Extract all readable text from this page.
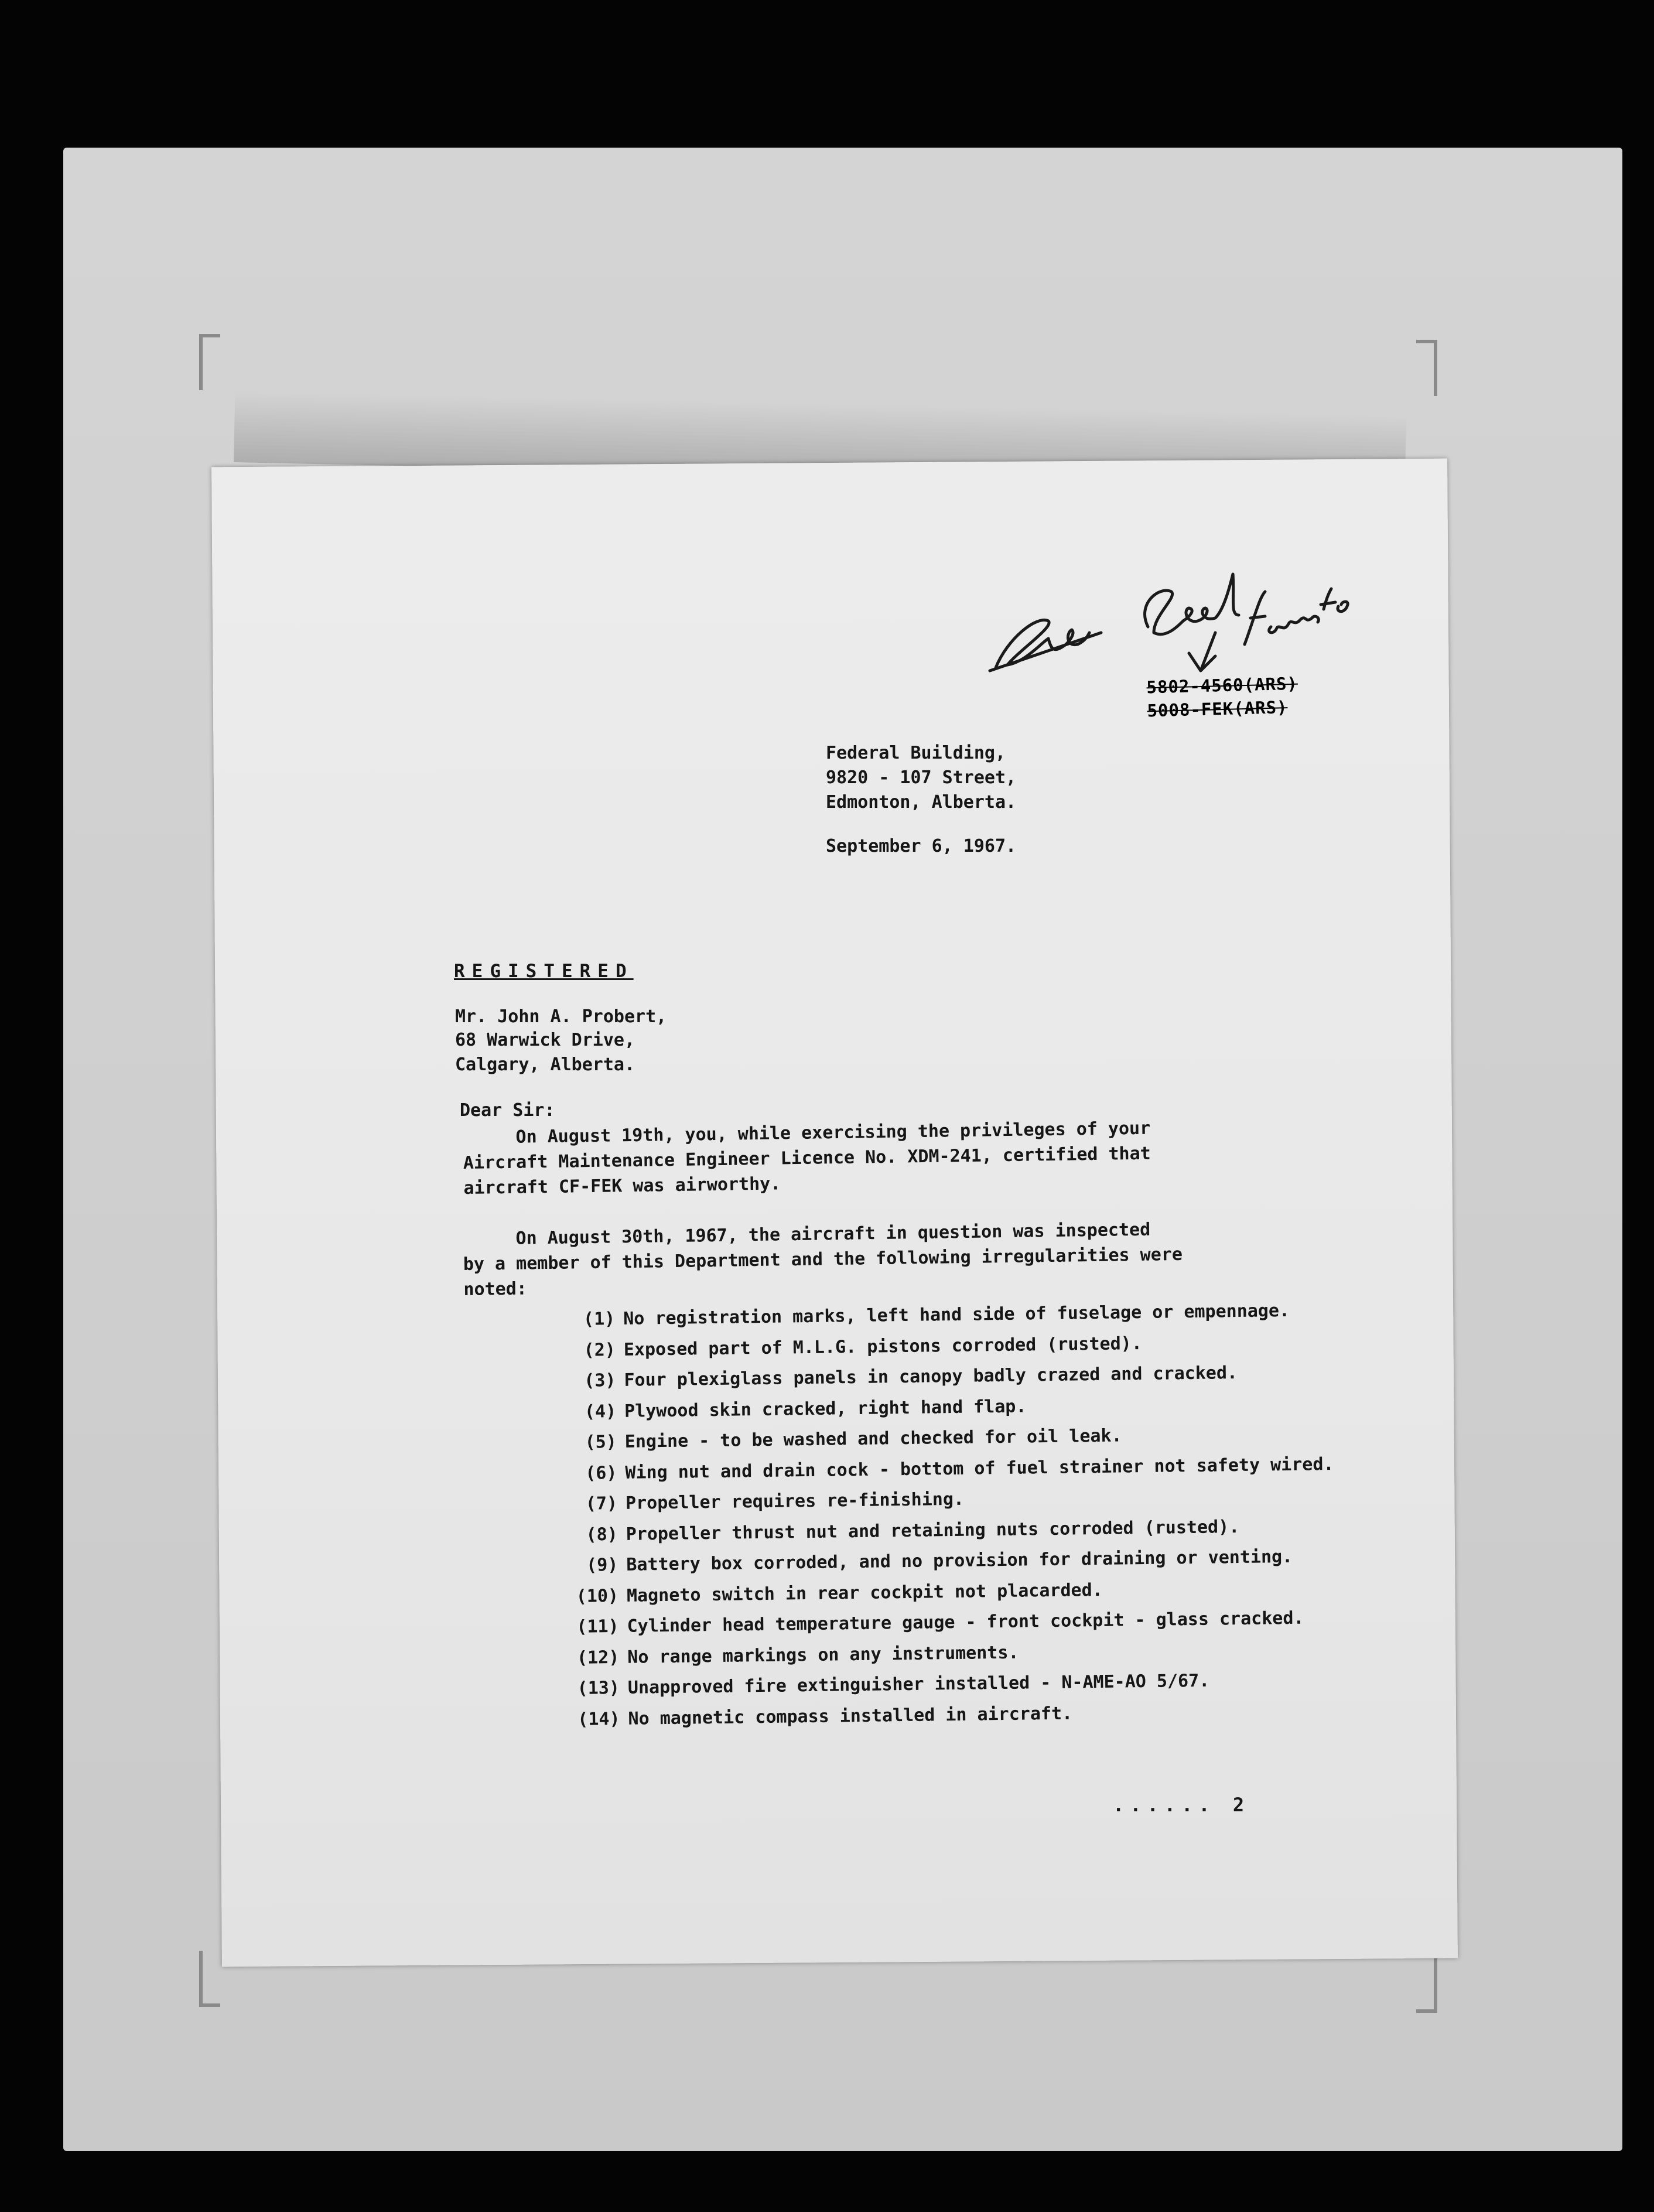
5802-4560(ARS)
5008-FEK(ARS)
Federal Building,
9820 - 107 Street,
Edmonton, Alberta.
September 6, 1967.
REGISTERED
Mr. John A. Probert,
68 Warwick Drive,
Calgary, Alberta.
Dear Sir:
On August 19th, you, while exercising the privileges of your
Aircraft Maintenance Engineer Licence No. XDM-241, certified that
aircraft CF-FEK was airworthy.
On August 30th, 1967, the aircraft in question was inspected
by a member of this Department and the following irregularities were
noted:
(1) No registration marks, left hand side of fuselage or empennage.
(2) Exposed part of M.L.G. pistons corroded (rusted).
(3) Four plexiglass panels in canopy badly crazed and cracked.
(4) Plywood skin cracked, right hand flap.
(5) Engine - to be washed and checked for oil leak.
(6) Wing nut and drain cock - bottom of fuel strainer not safety wired.
(7) Propeller requires re-finishing.
(8) Propeller thrust nut and retaining nuts corroded (rusted).
(9) Battery box corroded, and no provision for draining or venting.
(10) Magneto switch in rear cockpit not placarded.
(11) Cylinder head temperature gauge - front cockpit - glass cracked.
(12) No range markings on any instruments.
(13) Unapproved fire extinguisher installed - N-AME-AO 5/67.
(14) No magnetic compass installed in aircraft.
...... 2
